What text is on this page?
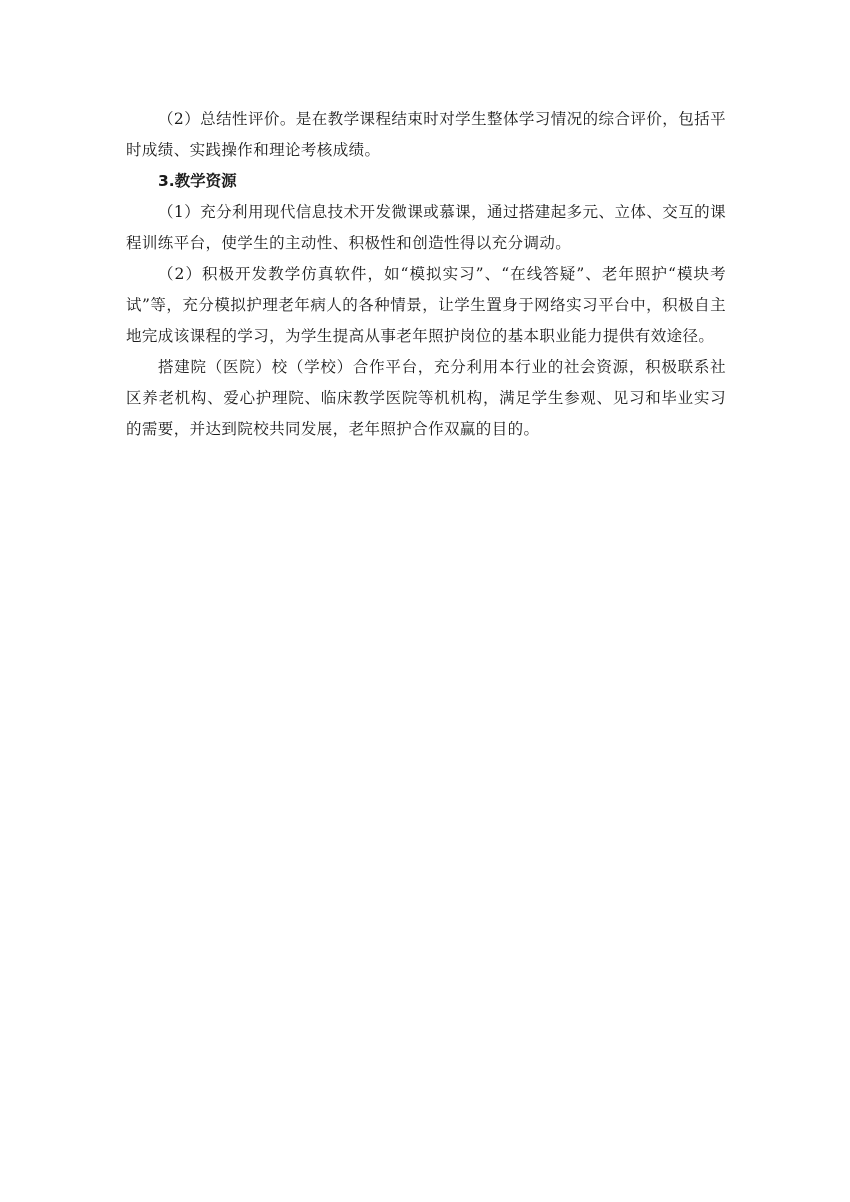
（2）总结性评价。是在教学课程结束时对学生整体学习情况的综合评价，包括平时成绩、实践操作和理论考核成绩。

3.教学资源

（1）充分利用现代信息技术开发微课或慕课，通过搭建起多元、立体、交互的课程训练平台，使学生的主动性、积极性和创造性得以充分调动。

（2）积极开发教学仿真软件，如“模拟实习”、“在线答疑”、老年照护“模块考试”等，充分模拟护理老年病人的各种情景，让学生置身于网络实习平台中，积极自主地完成该课程的学习，为学生提高从事老年照护岗位的基本职业能力提供有效途径。

搭建院（医院）校（学校）合作平台，充分利用本行业的社会资源，积极联系社区养老机构、爱心护理院、临床教学医院等机机构，满足学生参观、见习和毕业实习的需要，并达到院校共同发展，老年照护合作双赢的目的。
